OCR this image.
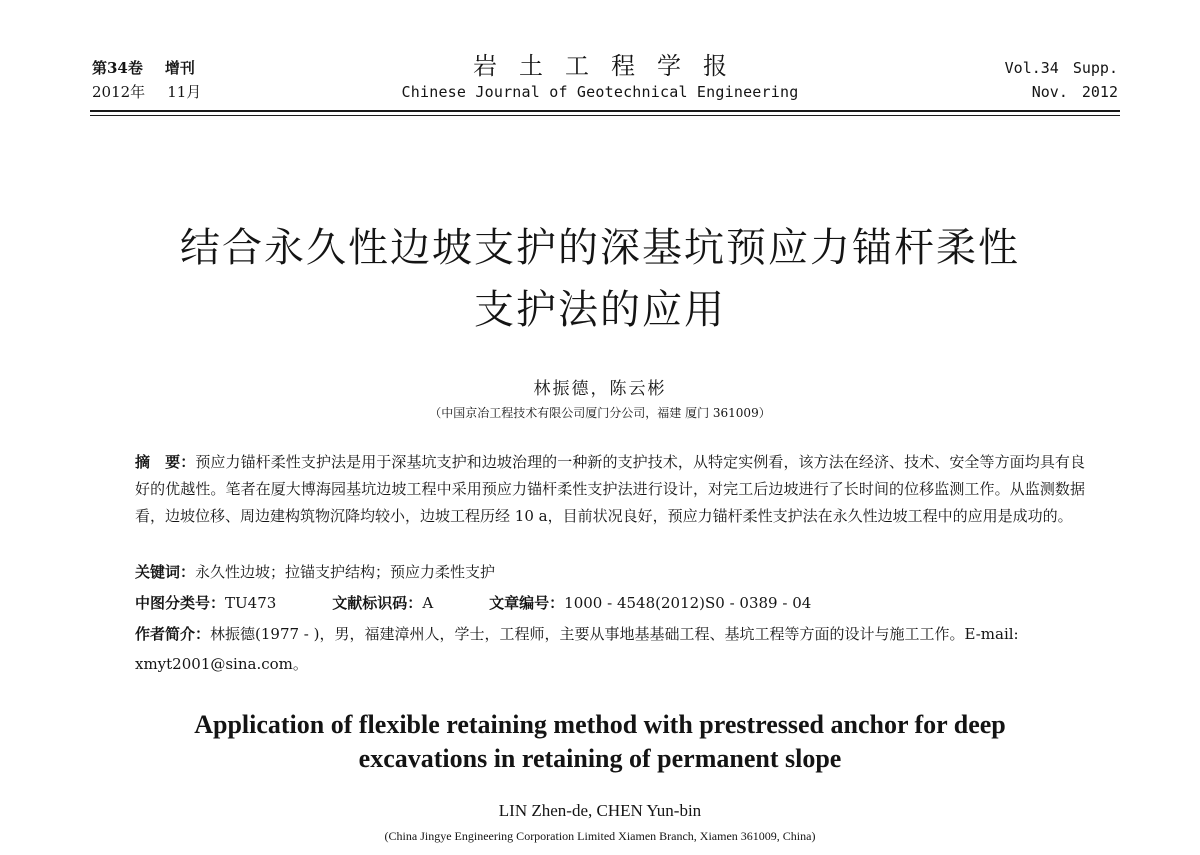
第34卷 增刊
2012年 11月
岩土工程学报
Chinese Journal of Geotechnical Engineering
Vol.34 Supp.
Nov. 2012
结合永久性边坡支护的深基坑预应力锚杆柔性
支护法的应用
林振德，陈云彬
（中国京冶工程技术有限公司厦门分公司，福建 厦门 361009）
摘　要：预应力锚杆柔性支护法是用于深基坑支护和边坡治理的一种新的支护技术，从特定实例看，该方法在经济、技术、安全等方面均具有良好的优越性。笔者在厦大博海园基坑边坡工程中采用预应力锚杆柔性支护法进行设计，对完工后边坡进行了长时间的位移监测工作。从监测数据看，边坡位移、周边建构筑物沉降均较小，边坡工程历经 10 a，目前状况良好，预应力锚杆柔性支护法在永久性边坡工程中的应用是成功的。
关键词：永久性边坡；拉锚支护结构；预应力柔性支护
中图分类号：TU473	文献标识码：A	文章编号：1000 - 4548(2012)S0 - 0389 - 04
作者简介：林振德(1977 - )，男，福建漳州人，学士，工程师，主要从事地基基础工程、基坑工程等方面的设计与施工工作。E-mail: xmyt2001@sina.com。
Application of flexible retaining method with prestressed anchor for deep
excavations in retaining of permanent slope
LIN Zhen-de, CHEN Yun-bin
(China Jingye Engineering Corporation Limited Xiamen Branch, Xiamen 361009, China)
